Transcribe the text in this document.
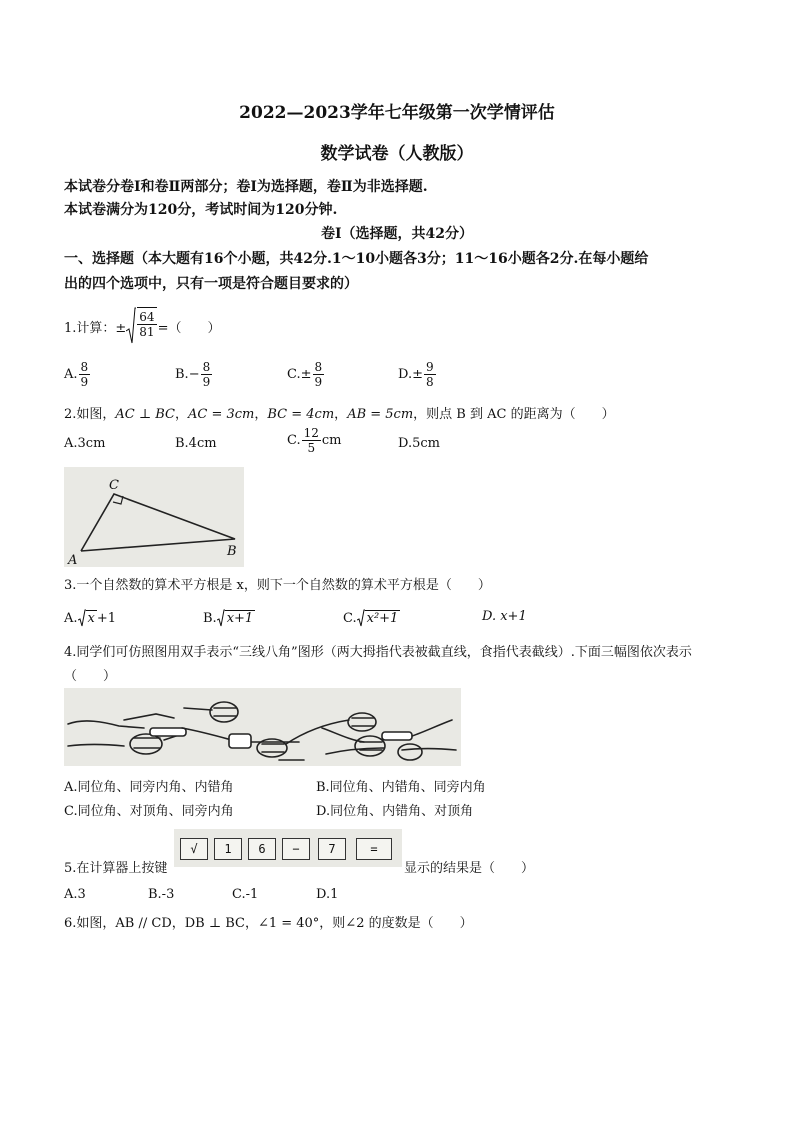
2022—2023学年七年级第一次学情评估
数学试卷（人教版）
本试卷分卷Ⅰ和卷Ⅱ两部分；卷Ⅰ为选择题，卷Ⅱ为非选择题.
本试卷满分为120分，考试时间为120分钟.
卷Ⅰ（选择题，共42分）
一、选择题（本大题有16个小题，共42分.1～10小题各3分；11～16小题各2分.在每小题给
出的四个选项中，只有一项是符合题目要求的）
1.计算：± $\frac{64}{81}$ =（　　）
A. $\frac{8}{9}$	B. − $\frac{8}{9}$	C. ± $\frac{8}{9}$	D. ± $\frac{9}{8}$
2.如图，AC ⊥ BC，AC = 3cm，BC = 4cm，AB = 5cm，则点 B 到 AC 的距离为（　　）
A.3cm	B.4cm	C. $\frac{12}{5}$ cm	D.5cm
C
A
B
3.一个自然数的算术平方根是 x，则下一个自然数的算术平方根是（　　）
A. x +1	B. x+1	C. x²+1	D. x+1
4.同学们可仿照图用双手表示“三线八角”图形（两大拇指代表被截直线，食指代表截线）.下面三幅图依次表示
（　　）
A.同位角、同旁内角、内错角	B.同位角、内错角、同旁内角
C.同位角、对顶角、同旁内角	D.同位角、内错角、对顶角
5.在计算器上按键
√	1	6	−	7	=
显示的结果是（　　）
A.3	B.-3	C.-1	D.1
6.如图，AB // CD，DB ⊥ BC，∠1 = 40°，则∠2 的度数是（　　）
